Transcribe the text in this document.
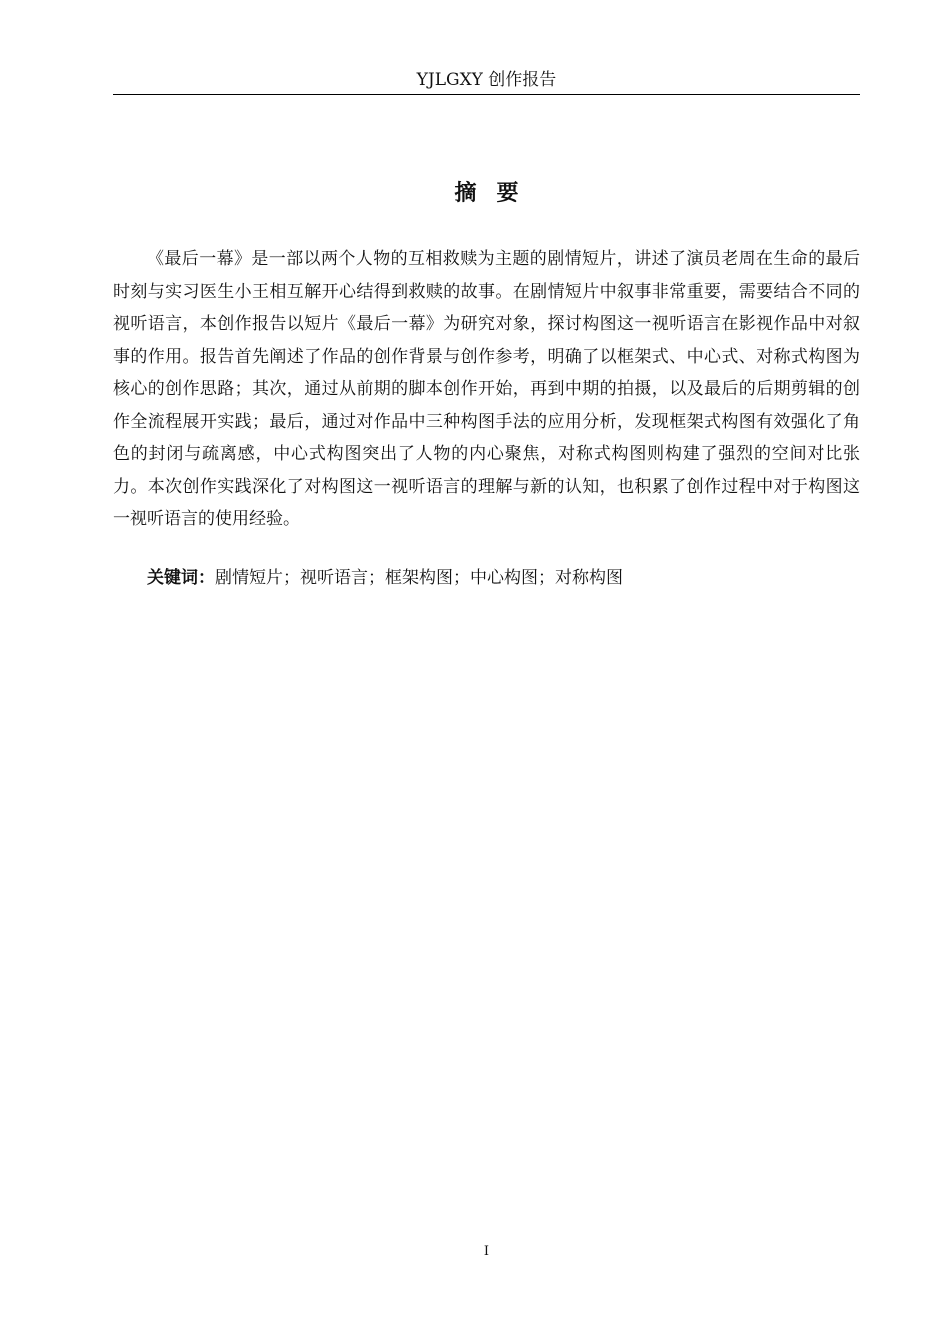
YJLGXY 创作报告
摘要

《最后一幕》是一部以两个人物的互相救赎为主题的剧情短片，讲述了演员老周在生命的最后时刻与实习医生小王相互解开心结得到救赎的故事。在剧情短片中叙事非常重要，需要结合不同的视听语言，本创作报告以短片《最后一幕》为研究对象，探讨构图这一视听语言在影视作品中对叙事的作用。报告首先阐述了作品的创作背景与创作参考，明确了以框架式、中心式、对称式构图为核心的创作思路；其次，通过从前期的脚本创作开始，再到中期的拍摄，以及最后的后期剪辑的创作全流程展开实践；最后，通过对作品中三种构图手法的应用分析，发现框架式构图有效强化了角色的封闭与疏离感，中心式构图突出了人物的内心聚焦，对称式构图则构建了强烈的空间对比张力。本次创作实践深化了对构图这一视听语言的理解与新的认知，也积累了创作过程中对于构图这一视听语言的使用经验。

关键词：剧情短片；视听语言；框架构图；中心构图；对称构图

I
